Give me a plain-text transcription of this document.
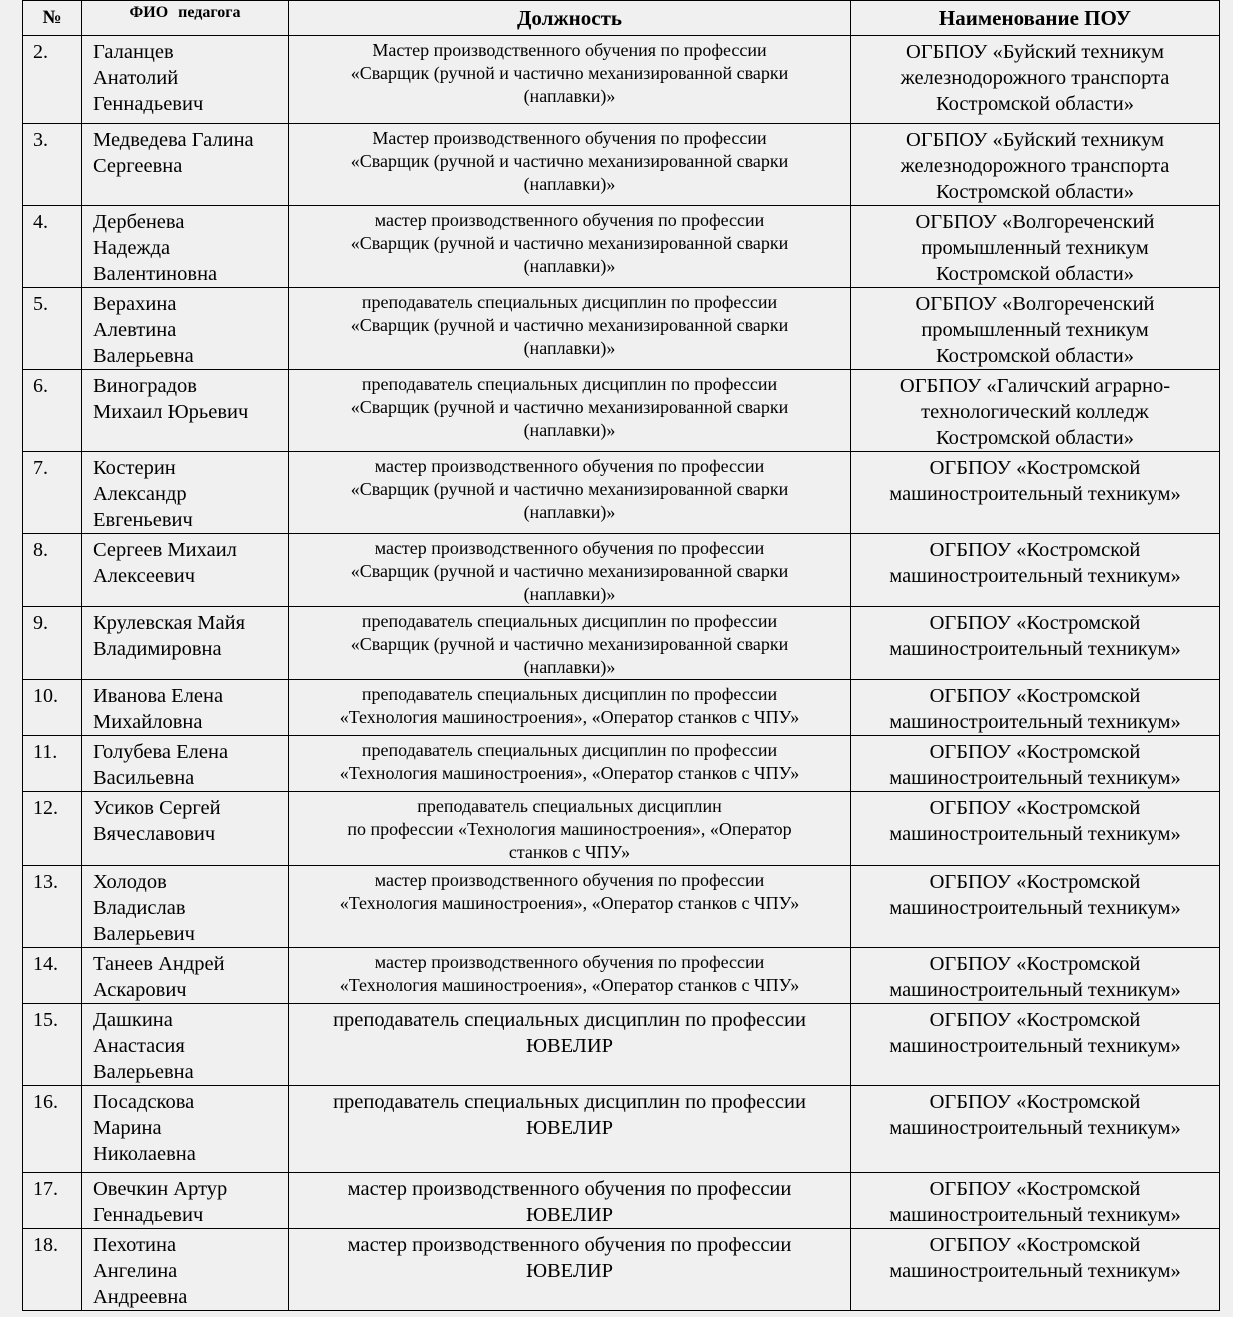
№	ФИО педагога	Должность	Наименование ПОУ
2.	Галанцев
Анатолий
Геннадьевич	Мастер производственного обучения по профессии
«Сварщик (ручной и частично механизированной сварки
(наплавки)»	ОГБПОУ «Буйский техникум
железнодорожного транспорта
Костромской области»

3.	Медведева Галина
Сергеевна	Мастер производственного обучения по профессии
«Сварщик (ручной и частично механизированной сварки
(наплавки)»	ОГБПОУ «Буйский техникум
железнодорожного транспорта
Костромской области»

4.	Дербенева
Надежда
Валентиновна	мастер производственного обучения по профессии
«Сварщик (ручной и частично механизированной сварки
(наплавки)»	ОГБПОУ «Волгореченский
промышленный техникум
Костромской области»

5.	Верахина
Алевтина
Валерьевна	преподаватель специальных дисциплин по профессии
«Сварщик (ручной и частично механизированной сварки
(наплавки)»	ОГБПОУ «Волгореченский
промышленный техникум
Костромской области»

6.	Виноградов
Михаил Юрьевич	преподаватель специальных дисциплин по профессии
«Сварщик (ручной и частично механизированной сварки
(наплавки)»	ОГБПОУ «Галичский аграрно-
технологический колледж
Костромской области»

7.	Костерин
Александр
Евгеньевич	мастер производственного обучения по профессии
«Сварщик (ручной и частично механизированной сварки
(наплавки)»	ОГБПОУ «Костромской
машиностроительный техникум»

8.	Сергеев Михаил
Алексеевич	мастер производственного обучения по профессии
«Сварщик (ручной и частично механизированной сварки
(наплавки)»	ОГБПОУ «Костромской
машиностроительный техникум»

9.	Крулевская Майя
Владимировна	преподаватель специальных дисциплин по профессии
«Сварщик (ручной и частично механизированной сварки
(наплавки)»	ОГБПОУ «Костромской
машиностроительный техникум»

10.	Иванова Елена
Михайловна	преподаватель специальных дисциплин по профессии
«Технология машиностроения», «Оператор станков с ЧПУ»	ОГБПОУ «Костромской
машиностроительный техникум»

11.	Голубева Елена
Васильевна	преподаватель специальных дисциплин по профессии
«Технология машиностроения», «Оператор станков с ЧПУ»	ОГБПОУ «Костромской
машиностроительный техникум»

12.	Усиков Сергей
Вячеславович	преподаватель специальных дисциплин
по профессии «Технология машиностроения», «Оператор
станков с ЧПУ»	ОГБПОУ «Костромской
машиностроительный техникум»

13.	Холодов
Владислав
Валерьевич	мастер производственного обучения по профессии
«Технология машиностроения», «Оператор станков с ЧПУ»	ОГБПОУ «Костромской
машиностроительный техникум»

14.	Танеев Андрей
Аскарович	мастер производственного обучения по профессии
«Технология машиностроения», «Оператор станков с ЧПУ»	ОГБПОУ «Костромской
машиностроительный техникум»

15.	Дашкина
Анастасия
Валерьевна	преподаватель специальных дисциплин по профессии
ЮВЕЛИР	ОГБПОУ «Костромской
машиностроительный техникум»

16.	Посадскова
Марина
Николаевна	преподаватель специальных дисциплин по профессии
ЮВЕЛИР	ОГБПОУ «Костромской
машиностроительный техникум»

17.	Овечкин Артур
Геннадьевич	мастер производственного обучения по профессии
ЮВЕЛИР	ОГБПОУ «Костромской
машиностроительный техникум»

18.	Пехотина
Ангелина
Андреевна	мастер производственного обучения по профессии
ЮВЕЛИР	ОГБПОУ «Костромской
машиностроительный техникум»
